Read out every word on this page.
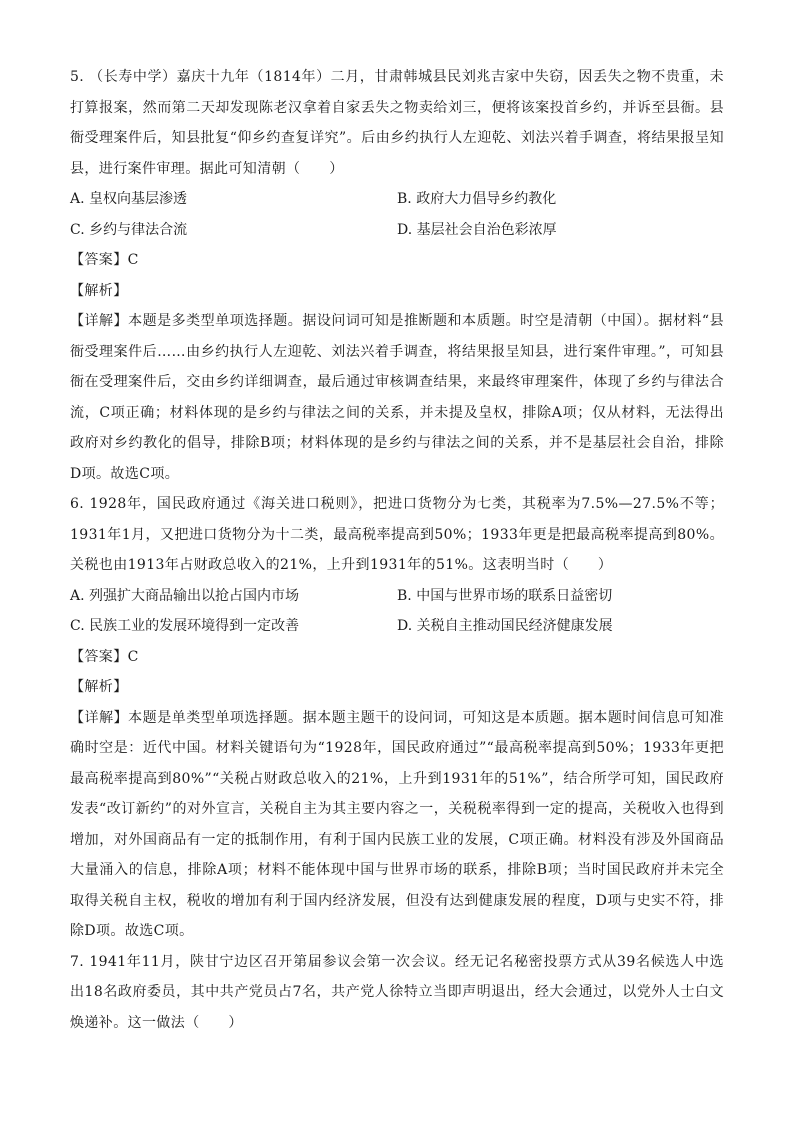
5. （长寿中学）嘉庆十九年（1814年）二月，甘肃韩城县民刘兆吉家中失窃，因丢失之物不贵重，未打算报案，然而第二天却发现陈老汉拿着自家丢失之物卖给刘三，便将该案投首乡约，并诉至县衙。县衙受理案件后，知县批复“仰乡约查复详究”。后由乡约执行人左迎乾、刘法兴着手调查，将结果报呈知县，进行案件审理。据此可知清朝（　　）

A. 皇权向基层渗透	B. 政府大力倡导乡约教化
C. 乡约与律法合流	D. 基层社会自治色彩浓厚

【答案】C

【解析】

【详解】本题是多类型单项选择题。据设问词可知是推断题和本质题。时空是清朝（中国）。据材料“县衙受理案件后……由乡约执行人左迎乾、刘法兴着手调查，将结果报呈知县，进行案件审理。”，可知县衙在受理案件后，交由乡约详细调查，最后通过审核调查结果，来最终审理案件，体现了乡约与律法合流，C项正确；材料体现的是乡约与律法之间的关系，并未提及皇权，排除A项；仅从材料，无法得出政府对乡约教化的倡导，排除B项；材料体现的是乡约与律法之间的关系，并不是基层社会自治，排除D项。故选C项。

6. 1928年，国民政府通过《海关进口税则》，把进口货物分为七类，其税率为7.5%—27.5%不等；1931年1月，又把进口货物分为十二类，最高税率提高到50%；1933年更是把最高税率提高到80%。关税也由1913年占财政总收入的21%，上升到1931年的51%。这表明当时（　　）

A. 列强扩大商品输出以抢占国内市场	B. 中国与世界市场的联系日益密切
C. 民族工业的发展环境得到一定改善	D. 关税自主推动国民经济健康发展

【答案】C

【解析】

【详解】本题是单类型单项选择题。据本题主题干的设问词，可知这是本质题。据本题时间信息可知准确时空是：近代中国。材料关键语句为“1928年，国民政府通过”“最高税率提高到50%；1933年更把最高税率提高到80%”“关税占财政总收入的21%，上升到1931年的51%”，结合所学可知，国民政府发表“改订新约”的对外宣言，关税自主为其主要内容之一，关税税率得到一定的提高，关税收入也得到增加，对外国商品有一定的抵制作用，有利于国内民族工业的发展，C项正确。材料没有涉及外国商品大量涌入的信息，排除A项；材料不能体现中国与世界市场的联系，排除B项；当时国民政府并未完全取得关税自主权，税收的增加有利于国内经济发展，但没有达到健康发展的程度，D项与史实不符，排除D项。故选C项。

7. 1941年11月，陕甘宁边区召开第届参议会第一次会议。经无记名秘密投票方式从39名候选人中选出18名政府委员，其中共产党员占7名，共产党人徐特立当即声明退出，经大会通过，以党外人士白文焕递补。这一做法（　　）
